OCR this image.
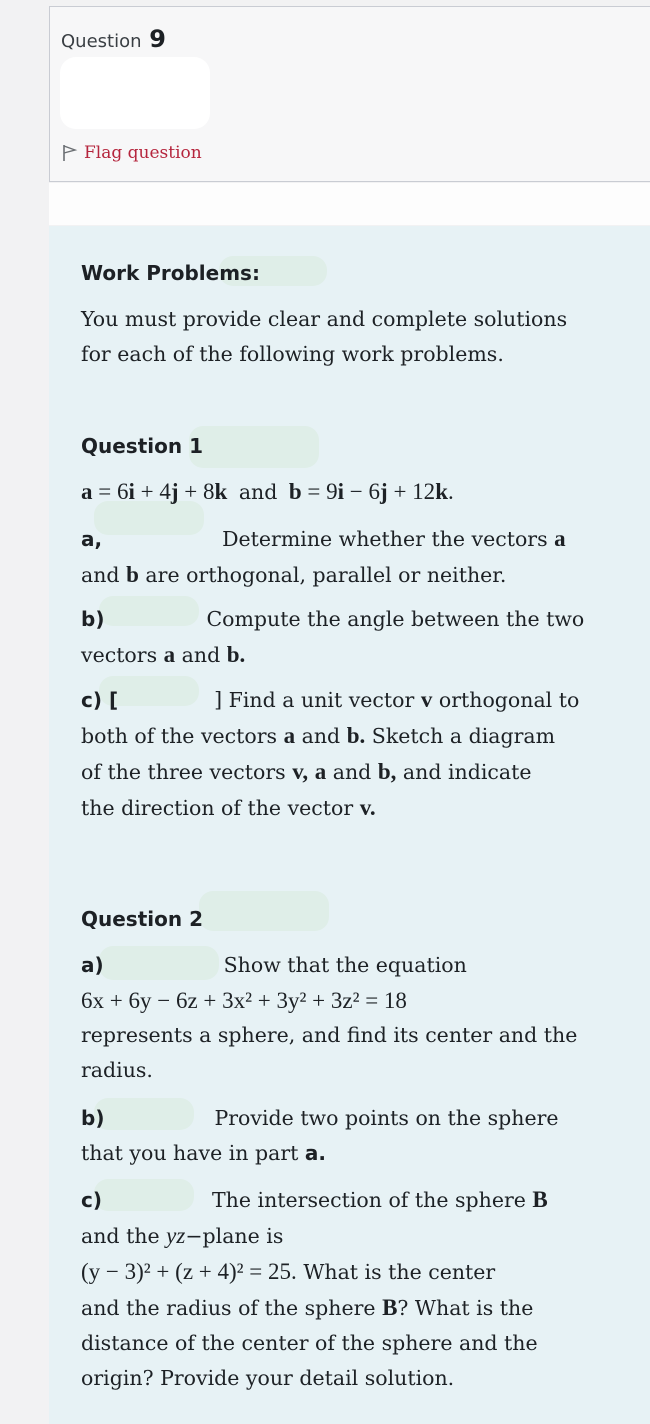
Question 9
Flag question
Work Problems:
You must provide clear and complete solutions
for each of the following work problems.
Question 1
a = 6i + 4j + 8k and b = 9i − 6j + 12k.
a,	Determine whether the vectors a
and b are orthogonal, parallel or neither.
b)	Compute the angle between the two
vectors a and b.
c) [	] Find a unit vector v orthogonal to
both of the vectors a and b. Sketch a diagram
of the three vectors v, a and b, and indicate
the direction of the vector v.
Question 2
a)	Show that the equation
6x + 6y − 6z + 3x² + 3y² + 3z² = 18
represents a sphere, and find its center and the
radius.
b)	Provide two points on the sphere
that you have in part a.
c)	The intersection of the sphere B
and the yz−plane is
(y − 3)² + (z + 4)² = 25. What is the center
and the radius of the sphere B? What is the
distance of the center of the sphere and the
origin? Provide your detail solution.
